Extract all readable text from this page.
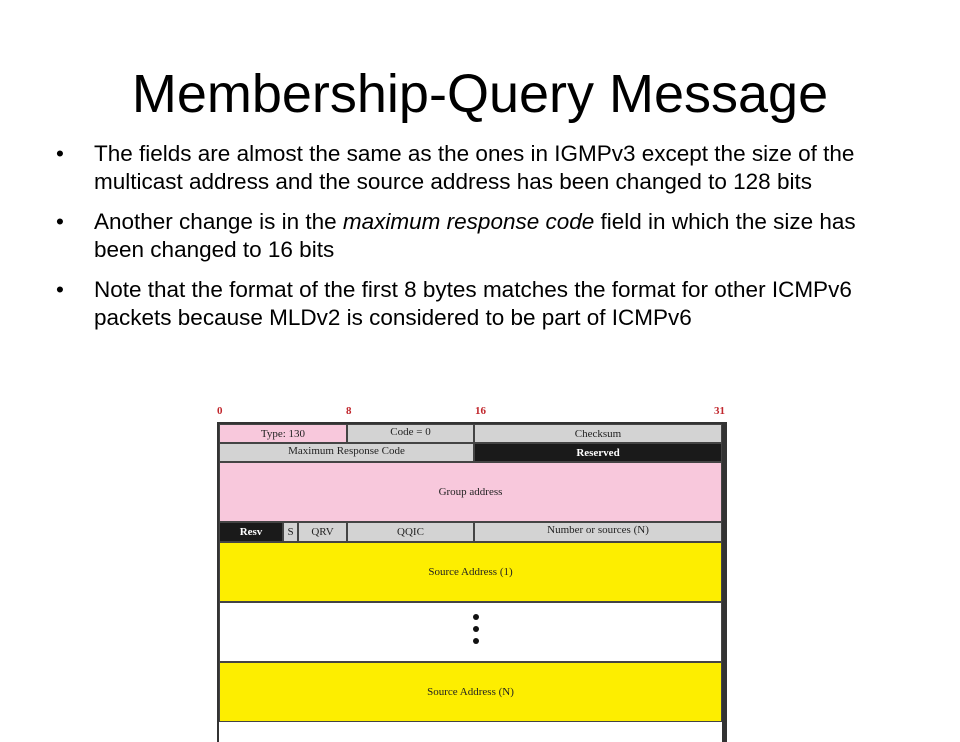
Membership-Query Message
•	The fields are almost the same as the ones in IGMPv3 except the size of the multicast address and the source address has been changed to 128 bits
•	Another change is in the maximum response code field in which the size has been changed to 16 bits
•	Note that the format of the first 8 bytes matches the format for other ICMPv6 packets because MLDv2 is considered to be part of ICMPv6
0	8	16	31
Type: 130	Code = 0	Checksum
Maximum Response Code	Reserved
Group address
Resv	S	QRV	QQIC	Number or sources (N)
Source Address (1)
Source Address (N)
